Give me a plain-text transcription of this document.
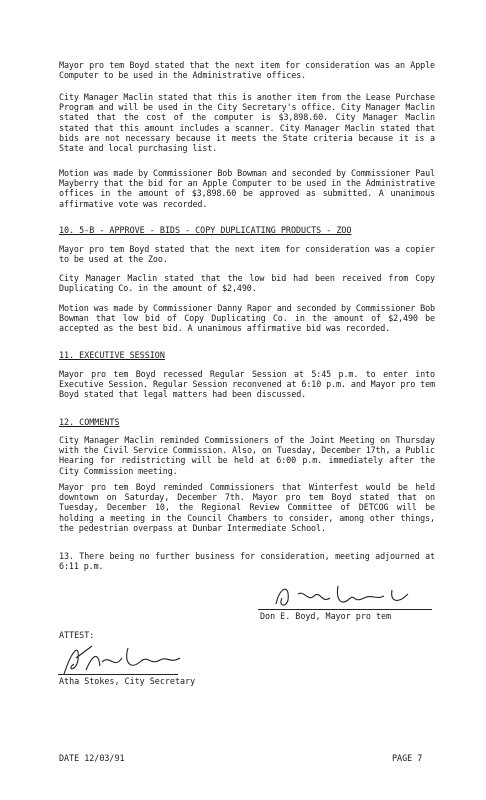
Mayor pro tem Boyd stated that the next item for consideration was an Apple Computer to be used in the Administrative offices.
City Manager Maclin stated that this is another item from the Lease Purchase Program and will be used in the City Secretary's office. City Manager Maclin stated that the cost of the computer is $3,898.60. City Manager Maclin stated that this amount includes a scanner. City Manager Maclin stated that bids are not necessary because it meets the State criteria because it is a State and local purchasing list.
Motion was made by Commissioner Bob Bowman and seconded by Commissioner Paul Mayberry that the bid for an Apple Computer to be used in the Administrative offices in the amount of $3,898.60 be approved as submitted. A unanimous affirmative vote was recorded.
10. 5-B - APPROVE - BIDS - COPY DUPLICATING PRODUCTS - ZOO
Mayor pro tem Boyd stated that the next item for consideration was a copier to be used at the Zoo.
City Manager Maclin stated that the low bid had been received from Copy Duplicating Co. in the amount of $2,490.
Motion was made by Commissioner Danny Rapor and seconded by Commissioner Bob Bowman that low bid of Copy Duplicating Co. in the amount of $2,490 be accepted as the best bid. A unanimous affirmative bid was recorded.
11. EXECUTIVE SESSION
Mayor pro tem Boyd recessed Regular Session at 5:45 p.m. to enter into Executive Session. Regular Session reconvened at 6:10 p.m. and Mayor pro tem Boyd stated that legal matters had been discussed.
12. COMMENTS
City Manager Maclin reminded Commissioners of the Joint Meeting on Thursday with the Civil Service Commission. Also, on Tuesday, December 17th, a Public Hearing for redistricting will be held at 6:00 p.m. immediately after the City Commission meeting.
Mayor pro tem Boyd reminded Commissioners that Winterfest would be held downtown on Saturday, December 7th. Mayor pro tem Boyd stated that on Tuesday, December 10, the Regional Review Committee of DETCOG will be holding a meeting in the Council Chambers to consider, among other things, the pedestrian overpass at Dunbar Intermediate School.
13. There being no further business for consideration, meeting adjourned at 6:11 p.m.
Don E. Boyd, Mayor pro tem
ATTEST:
Atha Stokes, City Secretary
DATE 12/03/91	PAGE 7
